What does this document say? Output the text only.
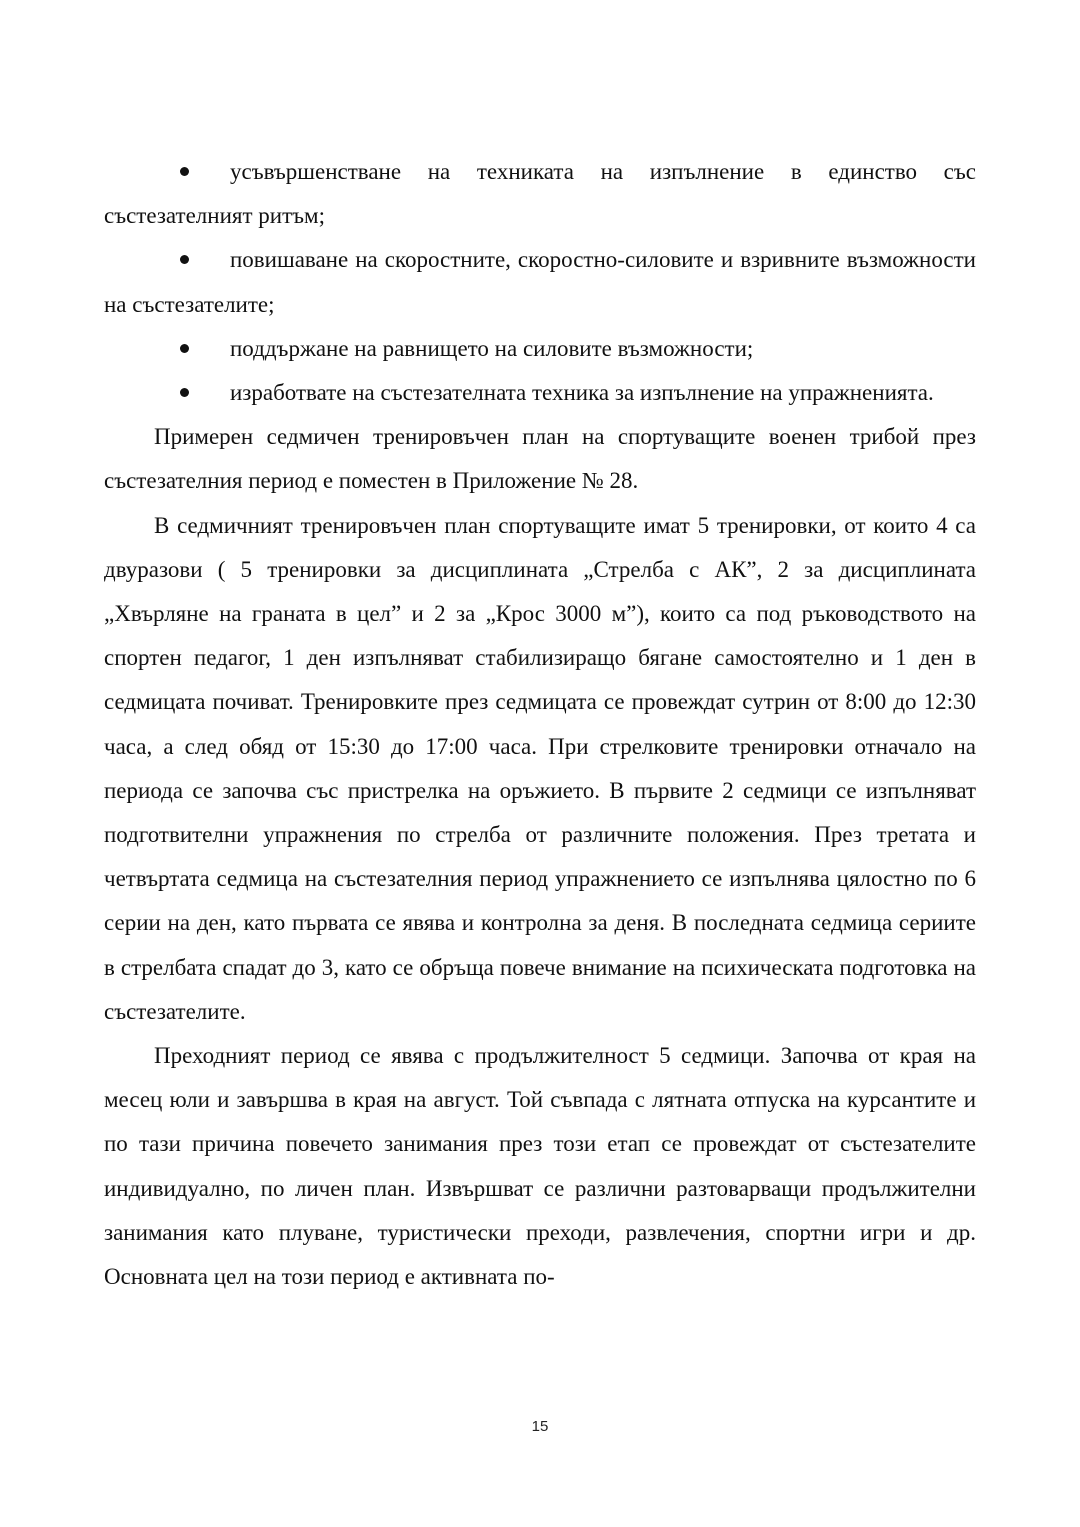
усъвършенстване на техниката на изпълнение в единство със състезателният ритъм;
повишаване на скоростните, скоростно-силовите и взривните възможности на състезателите;
поддържане на равнището на силовите възможности;
изработвате на състезателната техника за изпълнение на упражненията.

Примерен седмичен тренировъчен план на спортуващите военен трибой през състезателния период е поместен в Приложение № 28.

В седмичният тренировъчен план спортуващите имат 5 тренировки, от които 4 са двуразови ( 5 тренировки за дисциплината „Стрелба с АК”, 2 за дисциплината „Хвърляне на граната в цел” и 2 за „Крос 3000 м”), които са под ръководството на спортен педагог, 1 ден изпълняват стабилизиращо бягане самостоятелно и 1 ден в седмицата почиват. Тренировките през седмицата се провеждат сутрин от 8:00 до 12:30 часа, а след обяд от 15:30 до 17:00 часа. При стрелковите тренировки отначало на периода се започва със пристрелка на оръжието. В първите 2 седмици се изпълняват подготвителни упражнения по стрелба от различните положения. През третата и четвъртата седмица на състезателния период упражнението се изпълнява цялостно по 6 серии на ден, като първата се явява и контролна за деня. В последната седмица сериите в стрелбата спадат до 3, като се обръща повече внимание на психическата подготовка на състезателите.

Преходният период се явява с продължителност 5 седмици. Започва от края на месец юли и завършва в края на август. Той съвпада с лятната отпуска на курсантите и по тази причина повечето занимания през този етап се провеждат от състезателите индивидуално, по личен план. Извършват се различни разтоварващи продължителни занимания като плуване, туристически преходи, развлечения, спортни игри и др. Основната цел на този период е активната по-

15
